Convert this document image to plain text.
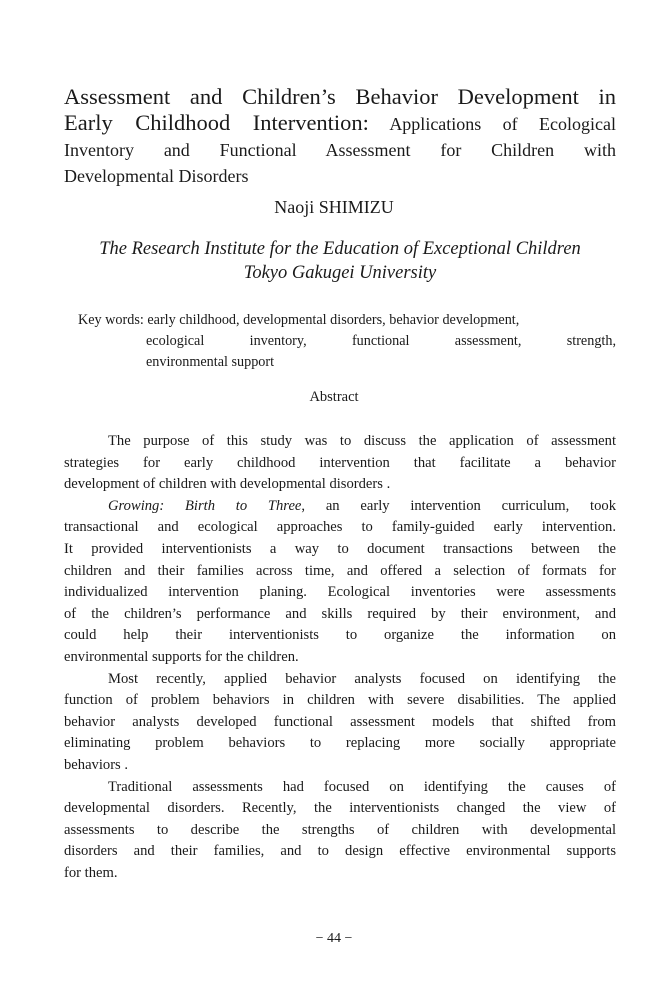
Assessment and Children’s Behavior Development in
Early Childhood Intervention: Applications of Ecological
Inventory and Functional Assessment for Children with
Developmental Disorders
Naoji SHIMIZU
The Research Institute for the Education of Exceptional Children
Tokyo Gakugei University
Key words: early childhood, developmental disorders, behavior development,
ecological inventory, functional assessment, strength,
environmental support
Abstract
The purpose of this study was to discuss the application of assessment
strategies for early childhood intervention that facilitate a behavior
development of children with developmental disorders .
Growing: Birth to Three, an early intervention curriculum, took
transactional and ecological approaches to family-guided early intervention.
It provided interventionists a way to document transactions between the
children and their families across time, and offered a selection of formats for
individualized intervention planing. Ecological inventories were assessments
of the children’s performance and skills required by their environment, and
could help their interventionists to organize the information on
environmental supports for the children.
Most recently, applied behavior analysts focused on identifying the
function of problem behaviors in children with severe disabilities. The applied
behavior analysts developed functional assessment models that shifted from
eliminating problem behaviors to replacing more socially appropriate
behaviors .
Traditional assessments had focused on identifying the causes of
developmental disorders. Recently, the interventionists changed the view of
assessments to describe the strengths of children with developmental
disorders and their families, and to design effective environmental supports
for them.
− 44 −
